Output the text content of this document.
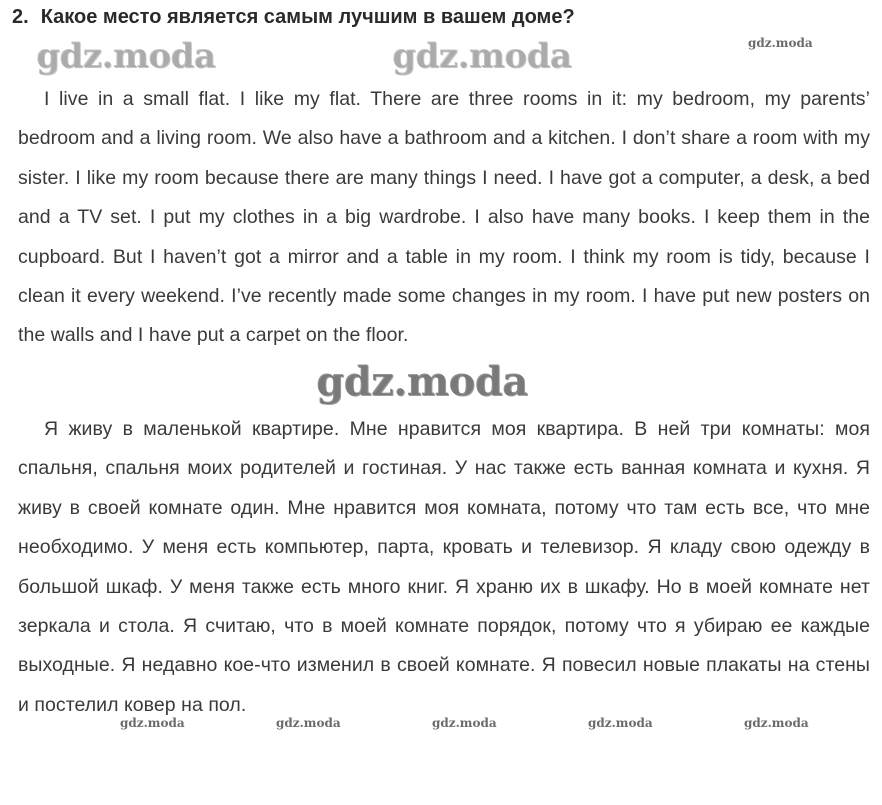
2. Какое место является самым лучшим в вашем доме?

I live in a small flat. I like my flat. There are three rooms in it: my bedroom, my parents’ bedroom and a living room. We also have a bathroom and a kitchen. I don’t share a room with my sister. I like my room because there are many things I need. I have got a computer, a desk, a bed and a TV set. I put my clothes in a big wardrobe. I also have many books. I keep them in the cupboard. But I haven’t got a mirror and a table in my room. I think my room is tidy, because I clean it every weekend. I’ve recently made some changes in my room. I have put new posters on the walls and I have put a carpet on the floor.

Я живу в маленькой квартире. Мне нравится моя квартира. В ней три комнаты: моя спальня, спальня моих родителей и гостиная. У нас также есть ванная комната и кухня. Я живу в своей комнате один. Мне нравится моя комната, потому что там есть все, что мне необходимо. У меня есть компьютер, парта, кровать и телевизор. Я кладу свою одежду в большой шкаф. У меня также есть много книг. Я храню их в шкафу. Но в моей комнате нет зеркала и стола. Я считаю, что в моей комнате порядок, потому что я убираю ее каждые выходные. Я недавно кое-что изменил в своей комнате. Я повесил новые плакаты на стены и постелил ковер на пол.

gdz.moda	gdz.moda	gdz.moda
gdz.moda
gdz.moda	gdz.moda	gdz.moda	gdz.moda	gdz.moda
